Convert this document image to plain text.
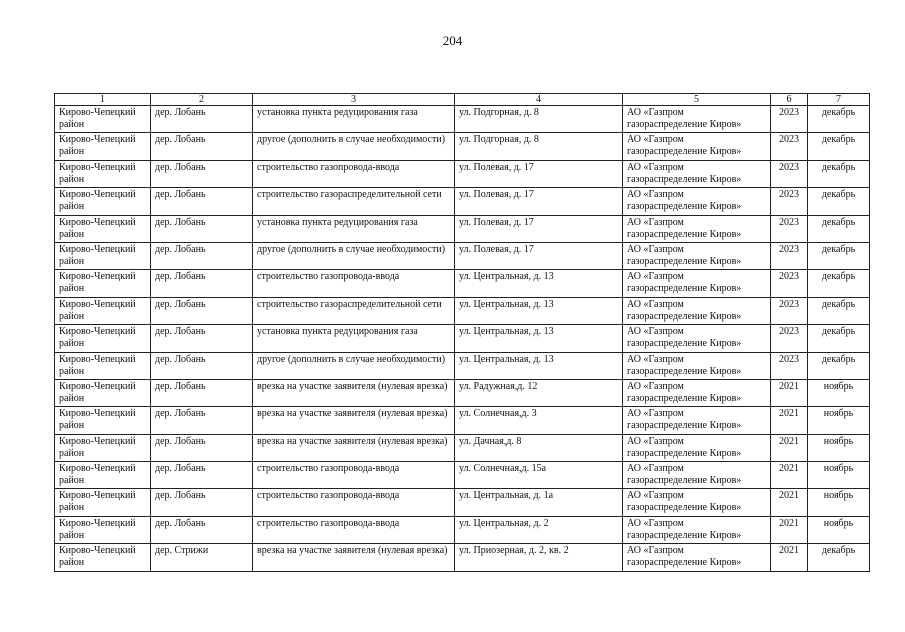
204
1	2	3	4	5	6	7
Кирово-Чепецкий район	дер. Лобань	установка пункта редуцирования газа	ул. Подгорная, д. 8	АО «Газпром газораспределение Киров»	2023	декабрь
Кирово-Чепецкий район	дер. Лобань	другое (дополнить в случае необходимости)	ул. Подгорная, д. 8	АО «Газпром газораспределение Киров»	2023	декабрь
Кирово-Чепецкий район	дер. Лобань	строительство газопровода-ввода	ул. Полевая, д. 17	АО «Газпром газораспределение Киров»	2023	декабрь
Кирово-Чепецкий район	дер. Лобань	строительство газораспределительной сети	ул. Полевая, д. 17	АО «Газпром газораспределение Киров»	2023	декабрь
Кирово-Чепецкий район	дер. Лобань	установка пункта редуцирования газа	ул. Полевая, д. 17	АО «Газпром газораспределение Киров»	2023	декабрь
Кирово-Чепецкий район	дер. Лобань	другое (дополнить в случае необходимости)	ул. Полевая, д. 17	АО «Газпром газораспределение Киров»	2023	декабрь
Кирово-Чепецкий район	дер. Лобань	строительство газопровода-ввода	ул. Центральная, д. 13	АО «Газпром газораспределение Киров»	2023	декабрь
Кирово-Чепецкий район	дер. Лобань	строительство газораспределительной сети	ул. Центральная, д. 13	АО «Газпром газораспределение Киров»	2023	декабрь
Кирово-Чепецкий район	дер. Лобань	установка пункта редуцирования газа	ул. Центральная, д. 13	АО «Газпром газораспределение Киров»	2023	декабрь
Кирово-Чепецкий район	дер. Лобань	другое (дополнить в случае необходимости)	ул. Центральная, д. 13	АО «Газпром газораспределение Киров»	2023	декабрь
Кирово-Чепецкий район	дер. Лобань	врезка на участке заявителя (нулевая врезка)	ул. Радужная,д. 12	АО «Газпром газораспределение Киров»	2021	ноябрь
Кирово-Чепецкий район	дер. Лобань	врезка на участке заявителя (нулевая врезка)	ул. Солнечная,д. 3	АО «Газпром газораспределение Киров»	2021	ноябрь
Кирово-Чепецкий район	дер. Лобань	врезка на участке заявителя (нулевая врезка)	ул. Дачная,д. 8	АО «Газпром газораспределение Киров»	2021	ноябрь
Кирово-Чепецкий район	дер. Лобань	строительство газопровода-ввода	ул. Солнечная,д. 15а	АО «Газпром газораспределение Киров»	2021	ноябрь
Кирово-Чепецкий район	дер. Лобань	строительство газопровода-ввода	ул. Центральная, д. 1а	АО «Газпром газораспределение Киров»	2021	ноябрь
Кирово-Чепецкий район	дер. Лобань	строительство газопровода-ввода	ул. Центральная, д. 2	АО «Газпром газораспределение Киров»	2021	ноябрь
Кирово-Чепецкий район	дер. Стрижи	врезка на участке заявителя (нулевая врезка)	ул. Приозерная, д. 2, кв. 2	АО «Газпром газораспределение Киров»	2021	декабрь
